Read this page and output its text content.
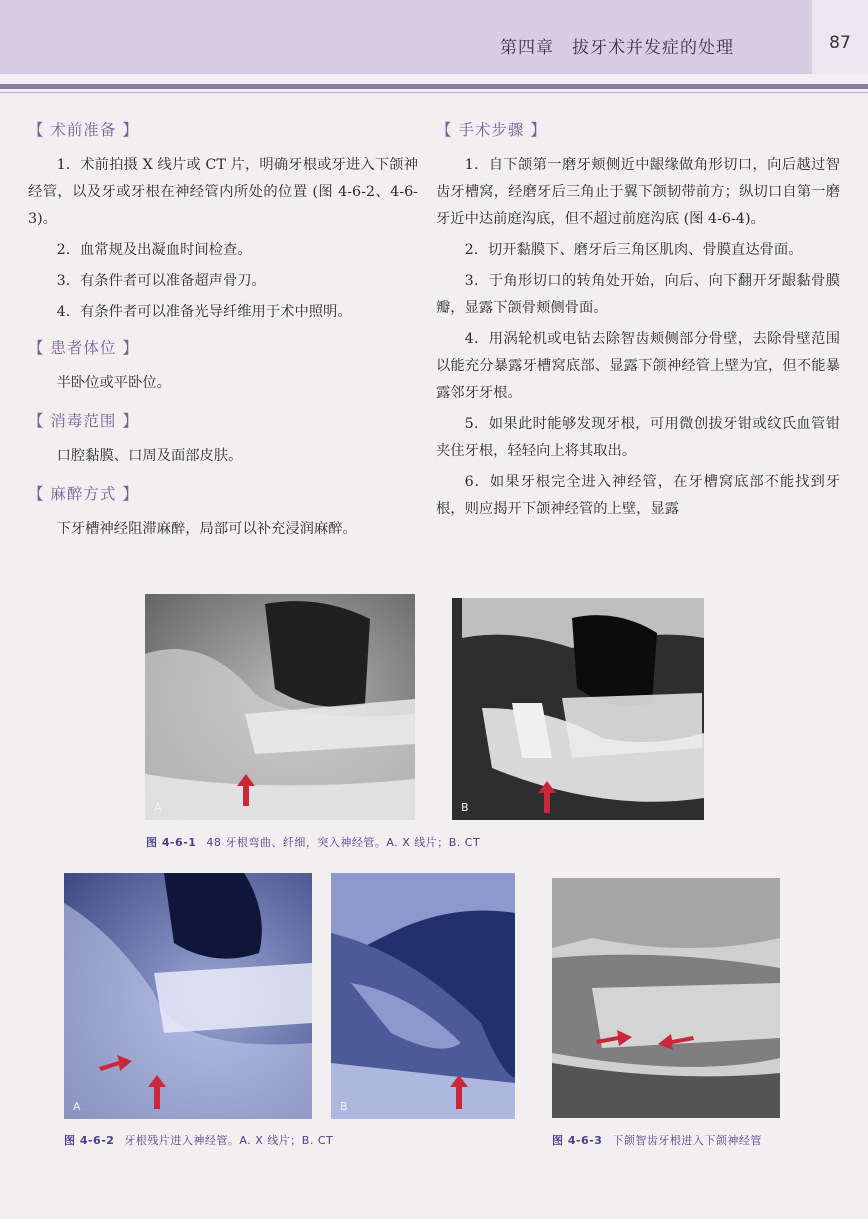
第四章　拔牙术并发症的处理	87
【 术前准备 】
1．术前拍摄 X 线片或 CT 片，明确牙根或牙进入下颌神经管，以及牙或牙根在神经管内所处的位置 (图 4-6-2、4-6-3)。
2．血常规及出凝血时间检查。
3．有条件者可以准备超声骨刀。
4．有条件者可以准备光导纤维用于术中照明。
【 患者体位 】
半卧位或平卧位。
【 消毒范围 】
口腔黏膜、口周及面部皮肤。
【 麻醉方式 】
下牙槽神经阻滞麻醉，局部可以补充浸润麻醉。
【 手术步骤 】
1．自下颌第一磨牙颊侧近中龈缘做角形切口，向后越过智齿牙槽窝，经磨牙后三角止于翼下颌韧带前方；纵切口自第一磨牙近中达前庭沟底，但不超过前庭沟底 (图 4-6-4)。
2．切开黏膜下、磨牙后三角区肌肉、骨膜直达骨面。
3．于角形切口的转角处开始，向后、向下翻开牙龈黏骨膜瓣，显露下颌骨颊侧骨面。
4．用涡轮机或电钻去除智齿颊侧部分骨壁，去除骨壁范围以能充分暴露牙槽窝底部、显露下颌神经管上壁为宜，但不能暴露邻牙牙根。
5．如果此时能够发现牙根，可用微创拔牙钳或纹氏血管钳夹住牙根，轻轻向上将其取出。
6．如果牙根完全进入神经管，在牙槽窝底部不能找到牙根，则应揭开下颌神经管的上壁，显露
A	B
图 4-6-1 48 牙根弯曲、纤细，突入神经管。A. X 线片；B. CT
A	B
图 4-6-2 牙根残片进入神经管。A. X 线片；B. CT	图 4-6-3 下颌智齿牙根进入下颌神经管
